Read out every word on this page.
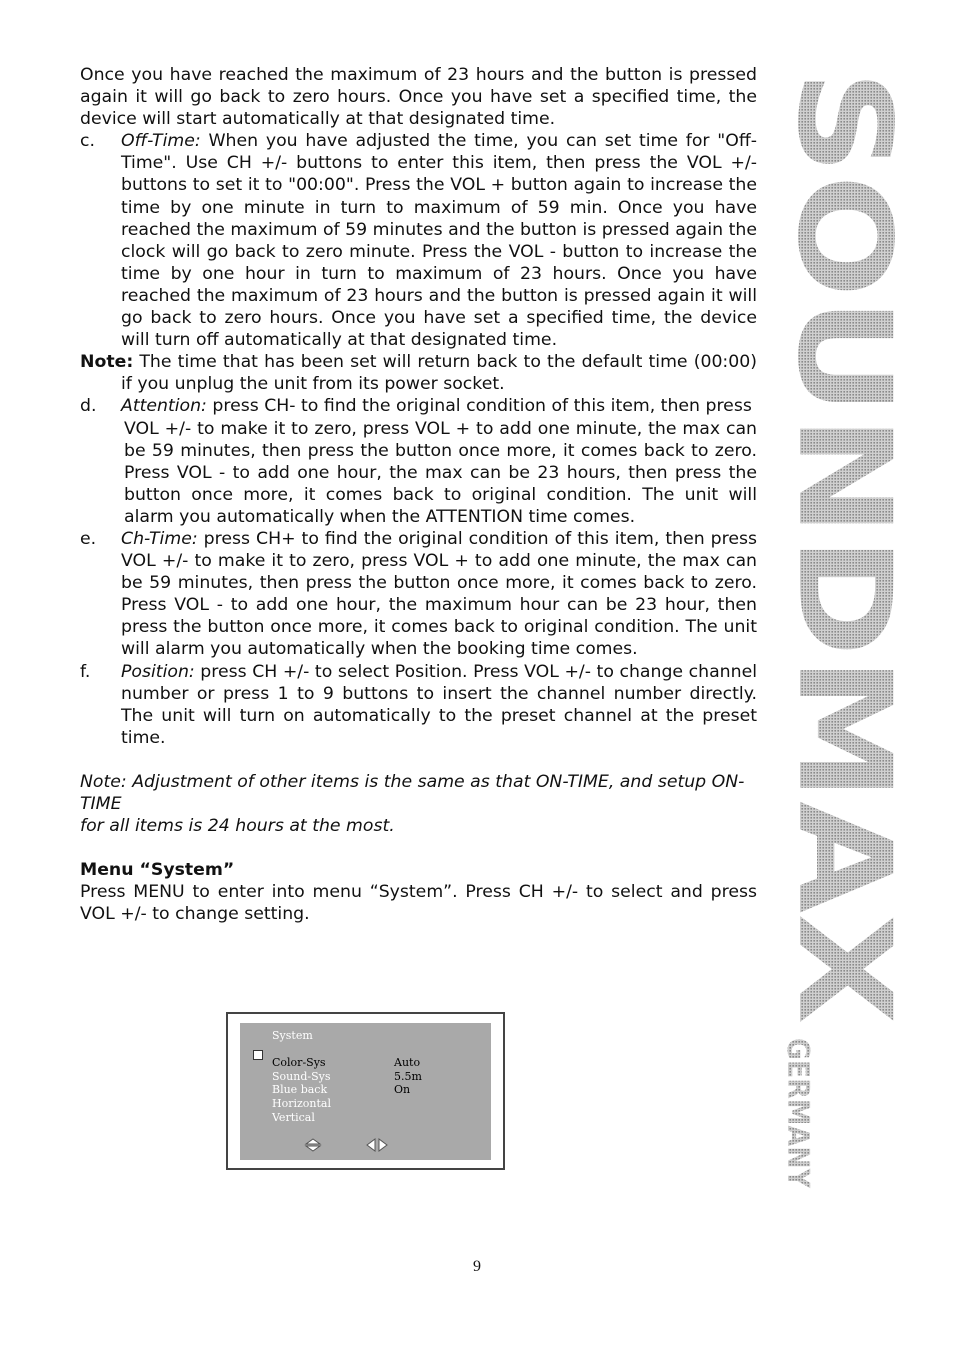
Once you have reached the maximum of 23 hours and the button is pressed again it will go back to zero hours. Once you have set a specified time, the device will start automatically at that designated time.

c. Off-Time: When you have adjusted the time, you can set time for "Off-Time". Use CH +/- buttons to enter this item, then press the VOL +/- buttons to set it to "00:00". Press the VOL + button again to increase the time by one minute in turn to maximum of 59 min. Once you have reached the maximum of 59 minutes and the button is pressed again the clock will go back to zero minute. Press the VOL - button to increase the time by one hour in turn to maximum of 23 hours. Once you have reached the maximum of 23 hours and the button is pressed again it will go back to zero hours. Once you have set a specified time, the device will turn off automatically at that designated time.
Note: The time that has been set will return back to the default time (00:00) if you unplug the unit from its power socket.
d. Attention: press CH- to find the original condition of this item, then press
VOL +/- to make it to zero, press VOL + to add one minute, the max can be 59 minutes, then press the button once more, it comes back to zero. Press VOL - to add one hour, the max can be 23 hours, then press the button once more, it comes back to original condition. The unit will alarm you automatically when the ATTENTION time comes.
e. Ch-Time: press CH+ to find the original condition of this item, then press VOL +/- to make it to zero, press VOL + to add one minute, the max can be 59 minutes, then press the button once more, it comes back to zero. Press VOL - to add one hour, the maximum hour can be 23 hour, then press the button once more, it comes back to original condition. The unit will alarm you automatically when the booking time comes.
f. Position: press CH +/- to select Position. Press VOL +/- to change channel number or press 1 to 9 buttons to insert the channel number directly. The unit will turn on automatically to the preset channel at the preset time.

Note: Adjustment of other items is the same as that ON-TIME, and setup ON-TIME

for all items is 24 hours at the most.

Menu “System”

Press MENU to enter into menu “System”. Press CH +/- to select and press VOL +/- to change setting.

System
Color-Sys	Auto
Sound-Sys	5.5m
Blue back	On
Horizontal
Vertical
SOUNDMAX
GERMANY
9
